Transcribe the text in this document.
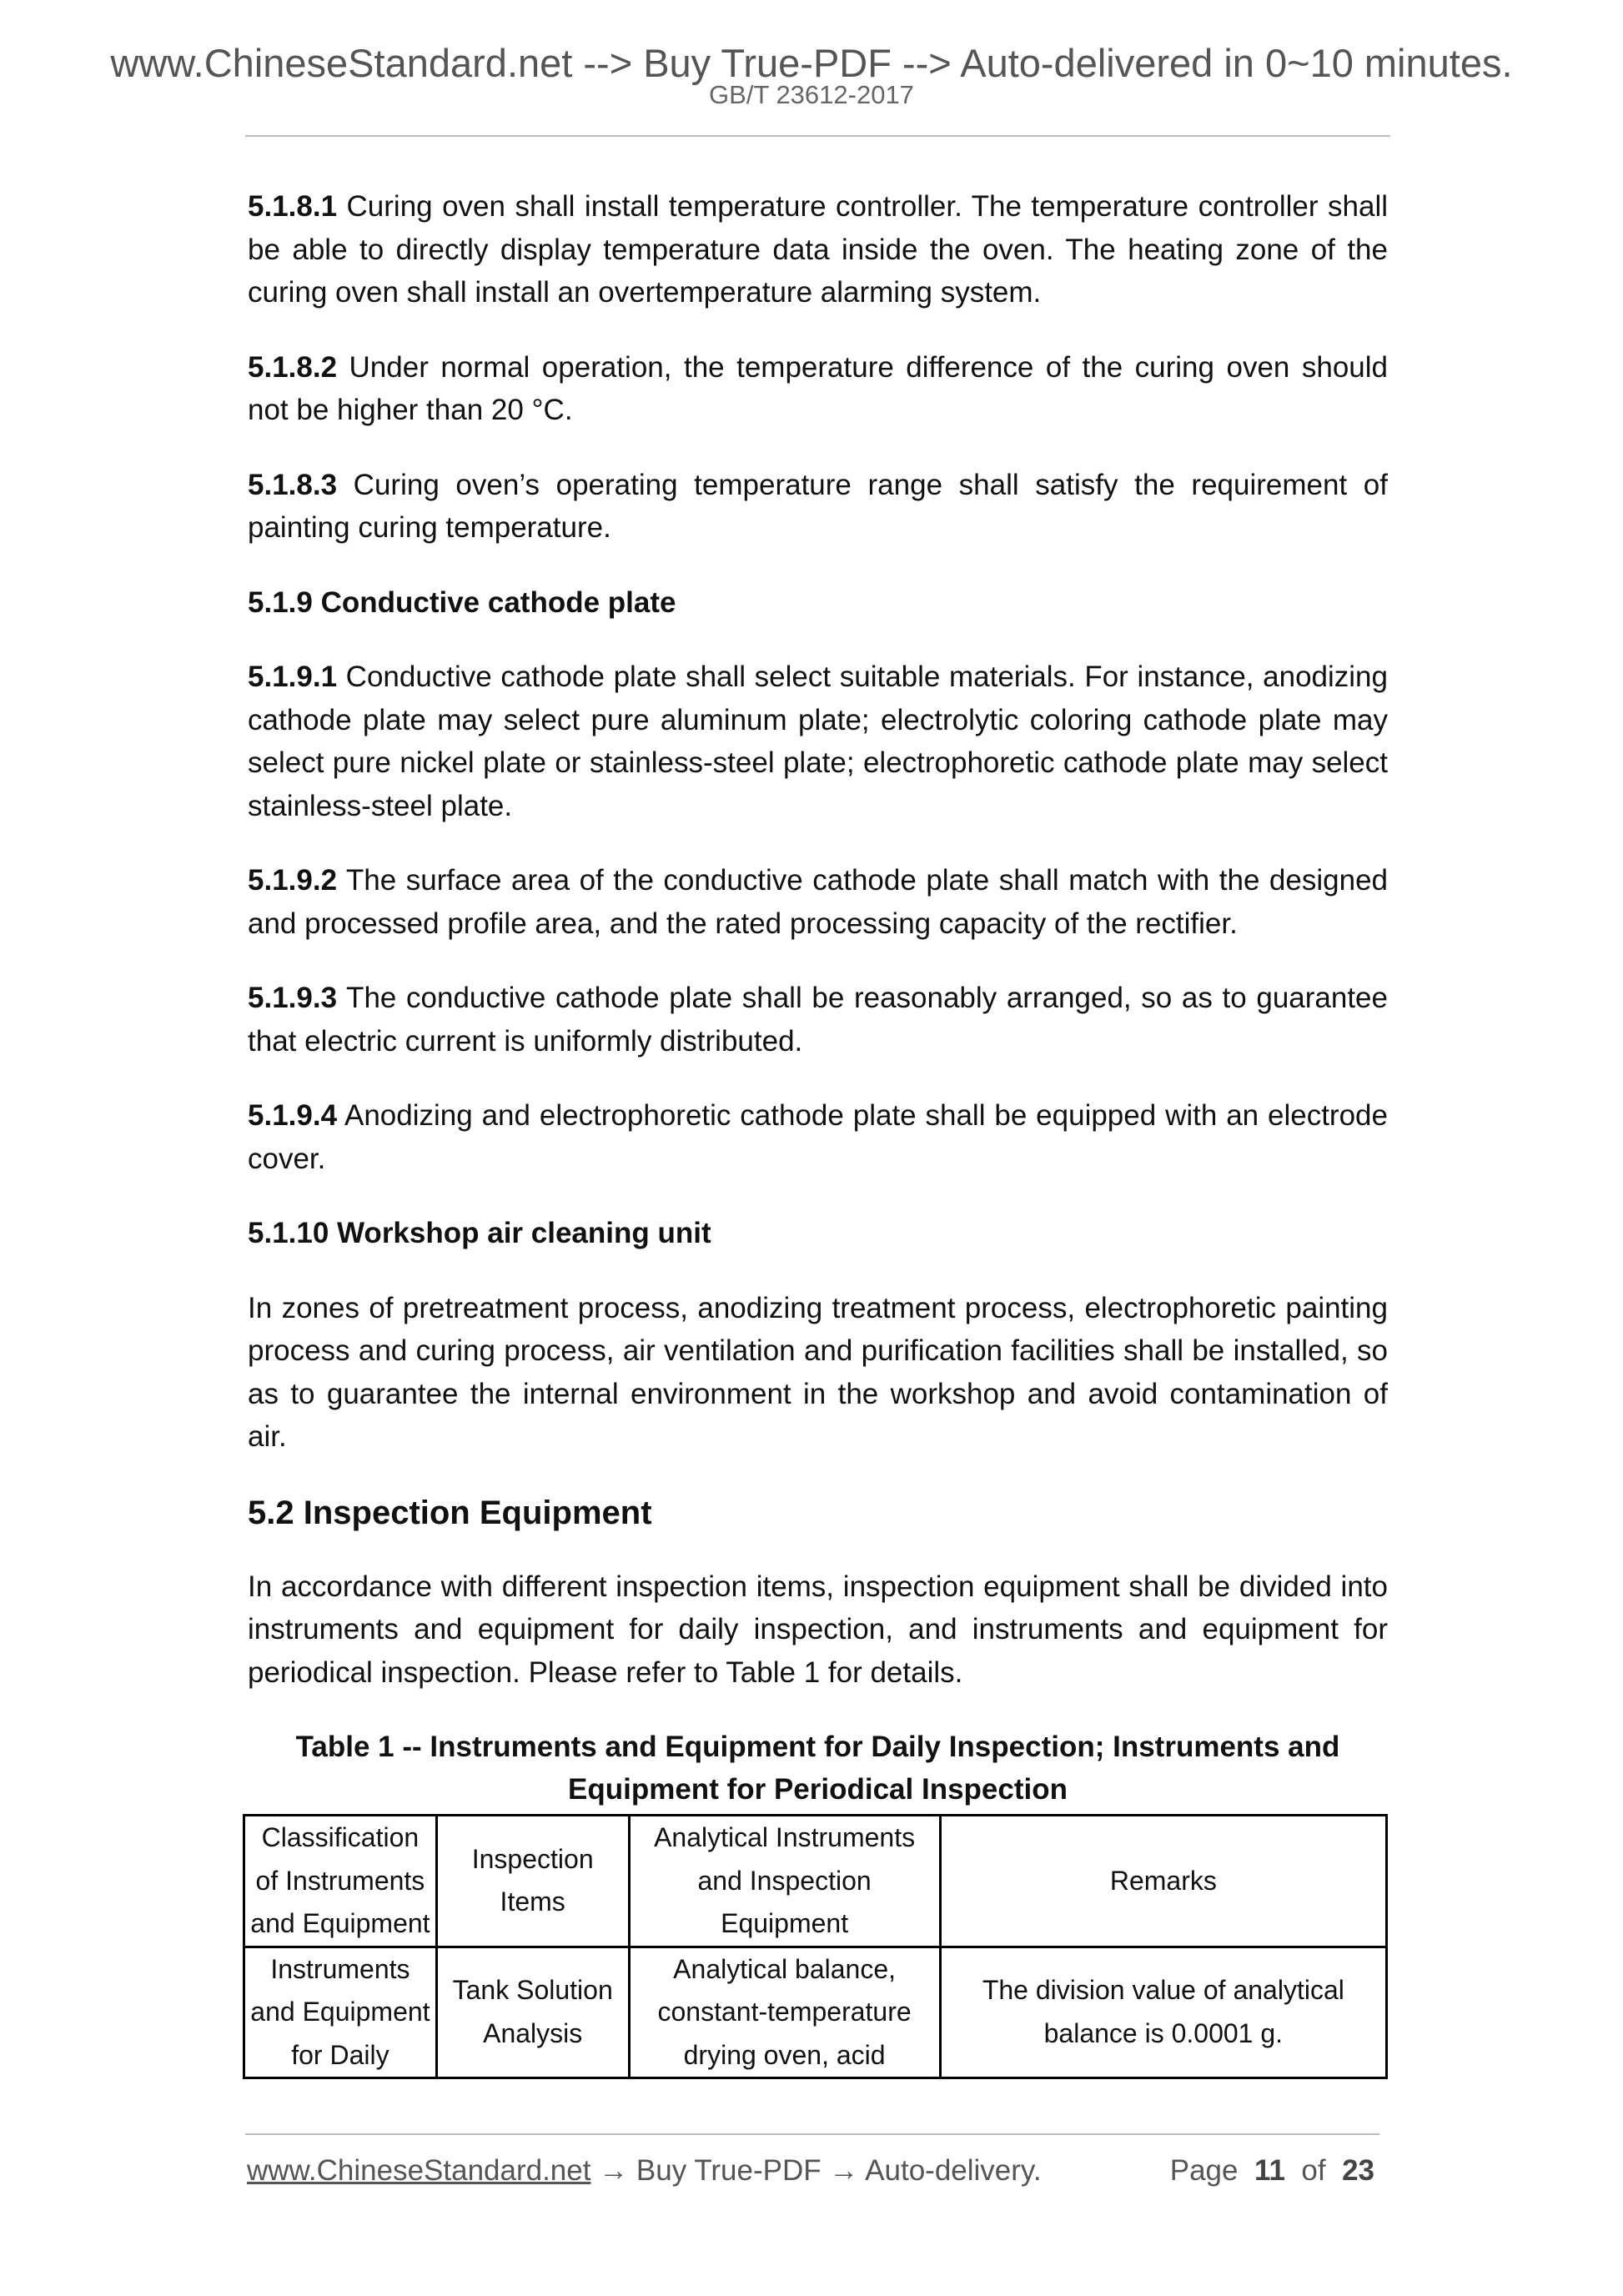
www.ChineseStandard.net --> Buy True-PDF --> Auto-delivered in 0~10 minutes.
GB/T 23612-2017

5.1.8.1 Curing oven shall install temperature controller. The temperature controller shall be able to directly display temperature data inside the oven. The heating zone of the curing oven shall install an overtemperature alarming system.

5.1.8.2 Under normal operation, the temperature difference of the curing oven should not be higher than 20 °C.

5.1.8.3 Curing oven’s operating temperature range shall satisfy the requirement of painting curing temperature.

5.1.9 Conductive cathode plate

5.1.9.1 Conductive cathode plate shall select suitable materials. For instance, anodizing cathode plate may select pure aluminum plate; electrolytic coloring cathode plate may select pure nickel plate or stainless-steel plate; electrophoretic cathode plate may select stainless-steel plate.

5.1.9.2 The surface area of the conductive cathode plate shall match with the designed and processed profile area, and the rated processing capacity of the rectifier.

5.1.9.3 The conductive cathode plate shall be reasonably arranged, so as to guarantee that electric current is uniformly distributed.

5.1.9.4 Anodizing and electrophoretic cathode plate shall be equipped with an electrode cover.

5.1.10 Workshop air cleaning unit

In zones of pretreatment process, anodizing treatment process, electrophoretic painting process and curing process, air ventilation and purification facilities shall be installed, so as to guarantee the internal environment in the workshop and avoid contamination of air.

5.2 Inspection Equipment

In accordance with different inspection items, inspection equipment shall be divided into instruments and equipment for daily inspection, and instruments and equipment for periodical inspection. Please refer to Table 1 for details.

Table 1 -- Instruments and Equipment for Daily Inspection; Instruments and Equipment for Periodical Inspection
Classification of Instruments and Equipment	Inspection Items	Analytical Instruments and Inspection Equipment	Remarks
Instruments and Equipment for Daily	Tank Solution Analysis	Analytical balance, constant-temperature drying oven, acid	The division value of analytical balance is 0.0001 g.
www.ChineseStandard.net → Buy True-PDF → Auto-delivery.	Page 11 of 23
